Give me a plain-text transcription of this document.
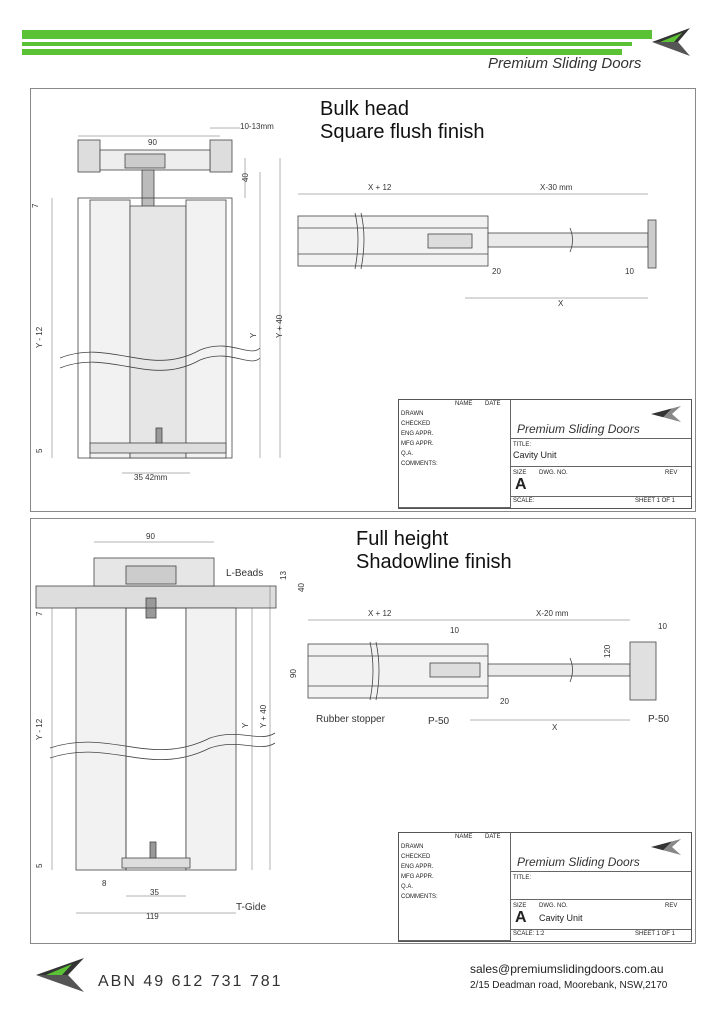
Premium Sliding Doors
Bulk head
Square flush finish
90
10-13mm
40
7
Y - 12	Y Y + 40
5
35 42mm
X + 12	X-30 mm
20	10
X
NAME DATE
DRAWN
CHECKED
ENG APPR.
MFG APPR.
Q.A.
COMMENTS:
Premium Sliding Doors
TITLE:
Cavity Unit
SIZE
A
DWG. NO.	REV
SCALE:	SHEET 1 OF 1
Full height
Shadowline finish
90
L-Beads 13
40
7
Y - 12	Y Y + 40
5
8
35
119
T-Gide
X + 12	X-20 mm
10	10
90
120
20
X
Rubber stopper	P-50	P-50
NAME DATE
DRAWN
CHECKED
ENG APPR.
MFG APPR.
Q.A.
COMMENTS:
Premium Sliding Doors
TITLE:
SIZE
A
DWG. NO.
Cavity Unit
REV
SCALE: 1:2	SHEET 1 OF 1
ABN 49 612 731 781
sales@premiumslidingdoors.com.au
2/15 Deadman road, Moorebank, NSW,2170
